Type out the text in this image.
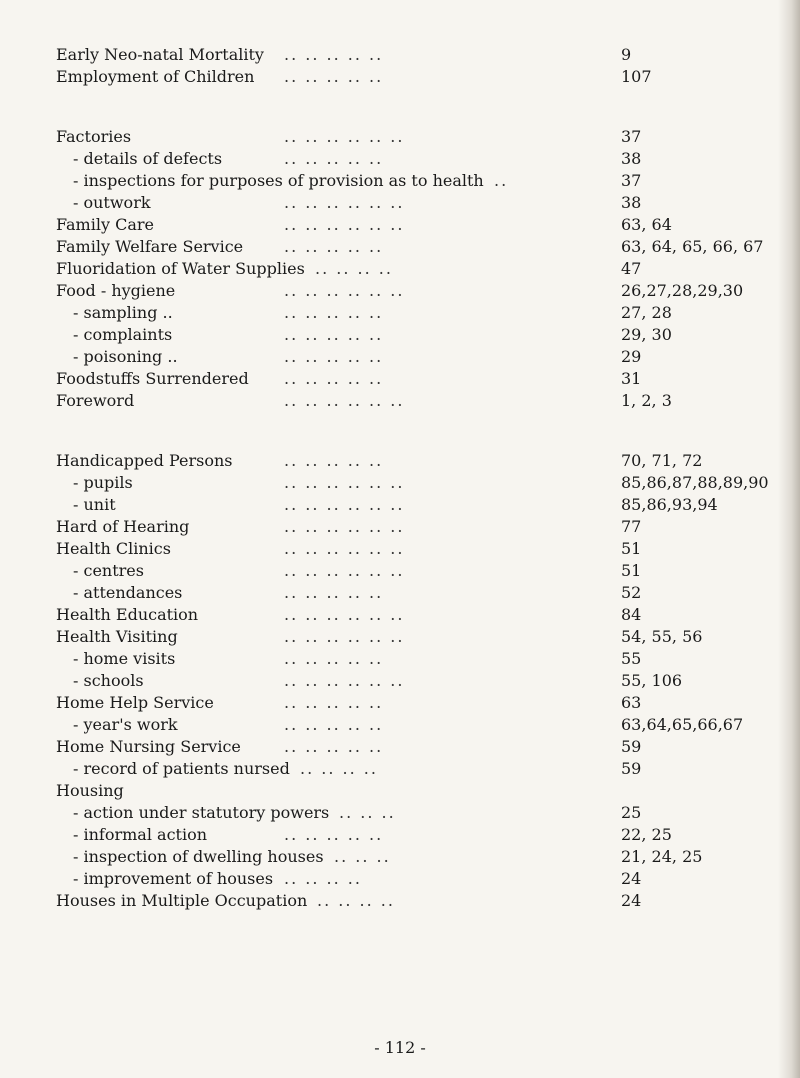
Early Neo-natal Mortality .. .. .. .. ..	9
Employment of Children .. .. .. .. ..	107
Factories	.. .. .. .. .. ..	37
- details of defects	.. .. .. .. ..	38
- inspections for purposes of provision as to health ..	37
- outwork	.. .. .. .. .. ..	38
Family Care	.. .. .. .. .. ..	63, 64
Family Welfare Service	.. .. .. .. ..	63, 64, 65, 66, 67
Fluoridation of Water Supplies .. .. .. ..	47
Food - hygiene	.. .. .. .. .. ..	26,27,28,29,30
- sampling ..	.. .. .. .. ..	27, 28
- complaints	.. .. .. .. ..	29, 30
- poisoning ..	.. .. .. .. ..	29
Foodstuffs Surrendered .. .. .. .. ..	31
Foreword	.. .. .. .. .. ..	1, 2, 3
Handicapped Persons	.. .. .. .. ..	70, 71, 72
- pupils	.. .. .. .. .. ..	85,86,87,88,89,90
- unit	.. .. .. .. .. ..	85,86,93,94
Hard of Hearing	.. .. .. .. .. ..	77
Health Clinics	.. .. .. .. .. ..	51
- centres	.. .. .. .. .. ..	51
- attendances	.. .. .. .. ..	52
Health Education	.. .. .. .. .. ..	84
Health Visiting	.. .. .. .. .. ..	54, 55, 56
- home visits	.. .. .. .. ..	55
- schools	.. .. .. .. .. ..	55, 106
Home Help Service	.. .. .. .. ..	63
- year's work	.. .. .. .. ..	63,64,65,66,67
Home Nursing Service	.. .. .. .. ..	59
- record of patients nursed .. .. .. ..	59
Housing
- action under statutory powers .. .. ..	25
- informal action	.. .. .. .. ..	22, 25
- inspection of dwelling houses .. .. ..	21, 24, 25
- improvement of houses .. .. .. ..	24
Houses in Multiple Occupation .. .. .. ..	24
- 112 -
